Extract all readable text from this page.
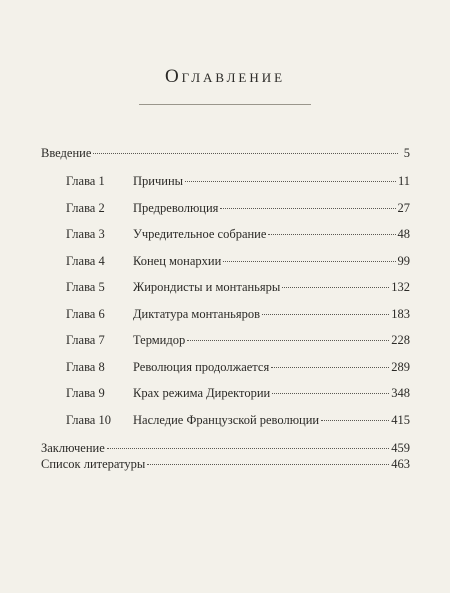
Оглавление
Введение	5
Глава 1	Причины	11
Глава 2	Предреволюция	27
Глава 3	Учредительное собрание	48
Глава 4	Конец монархии	99
Глава 5	Жирондисты и монтаньяры	132
Глава 6	Диктатура монтаньяров	183
Глава 7	Термидор	228
Глава 8	Революция продолжается	289
Глава 9	Крах режима Директории	348
Глава 10	Наследие Французской революции	415
Заключение	459
Список литературы	463
